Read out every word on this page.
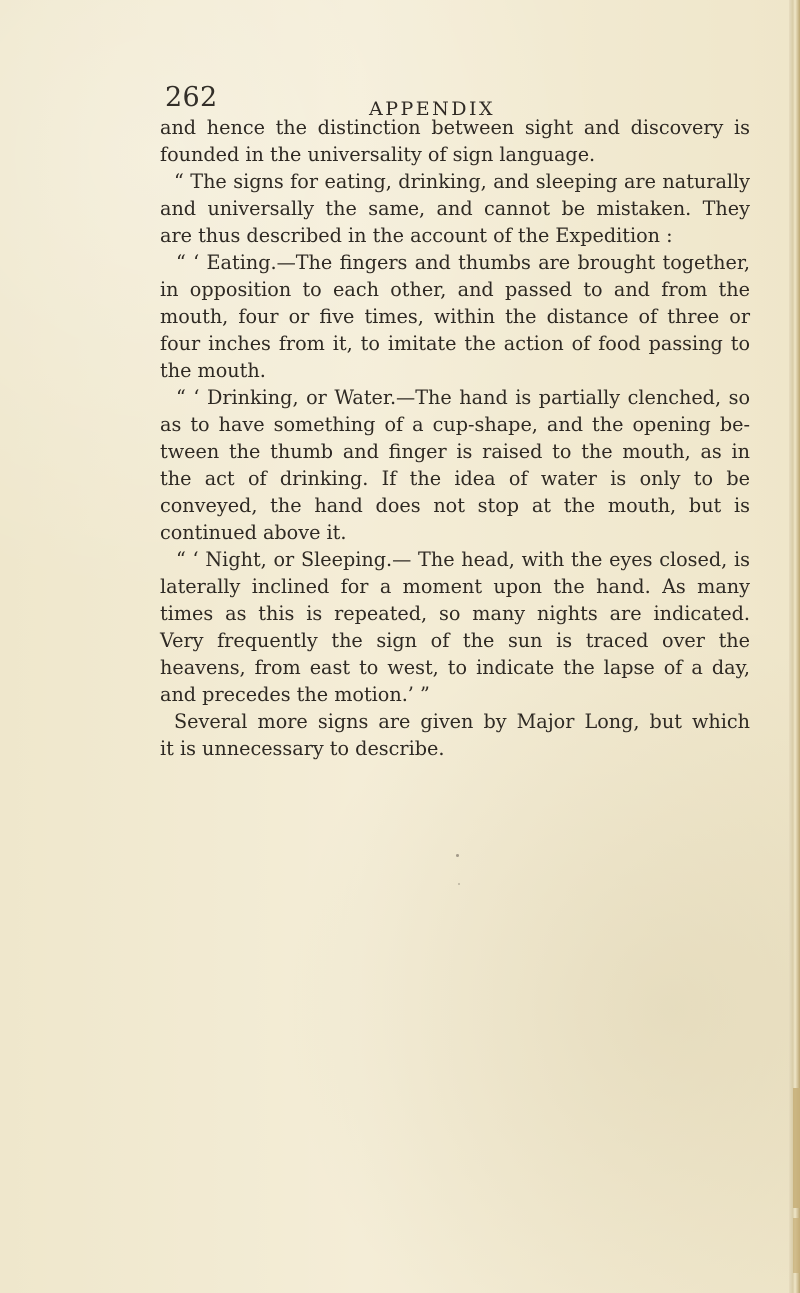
262	APPENDIX
and hence the distinction between sight and discovery is
founded in the universality of sign language.
“ The signs for eating, drinking, and sleeping are naturally
and universally the same, and cannot be mistaken. They
are thus described in the account of the Expedition :
“ ‘ Eating.—The fingers and thumbs are brought together,
in opposition to each other, and passed to and from the
mouth, four or five times, within the distance of three or
four inches from it, to imitate the action of food passing to
the mouth.
“ ‘ Drinking, or Water.—The hand is partially clenched, so
as to have something of a cup-shape, and the opening be-
tween the thumb and finger is raised to the mouth, as in
the act of drinking. If the idea of water is only to be
conveyed, the hand does not stop at the mouth, but is
continued above it.
“ ‘ Night, or Sleeping.— The head, with the eyes closed, is
laterally inclined for a moment upon the hand. As many
times as this is repeated, so many nights are indicated.
Very frequently the sign of the sun is traced over the
heavens, from east to west, to indicate the lapse of a day,
and precedes the motion.’ ”
Several more signs are given by Major Long, but which
it is unnecessary to describe.
